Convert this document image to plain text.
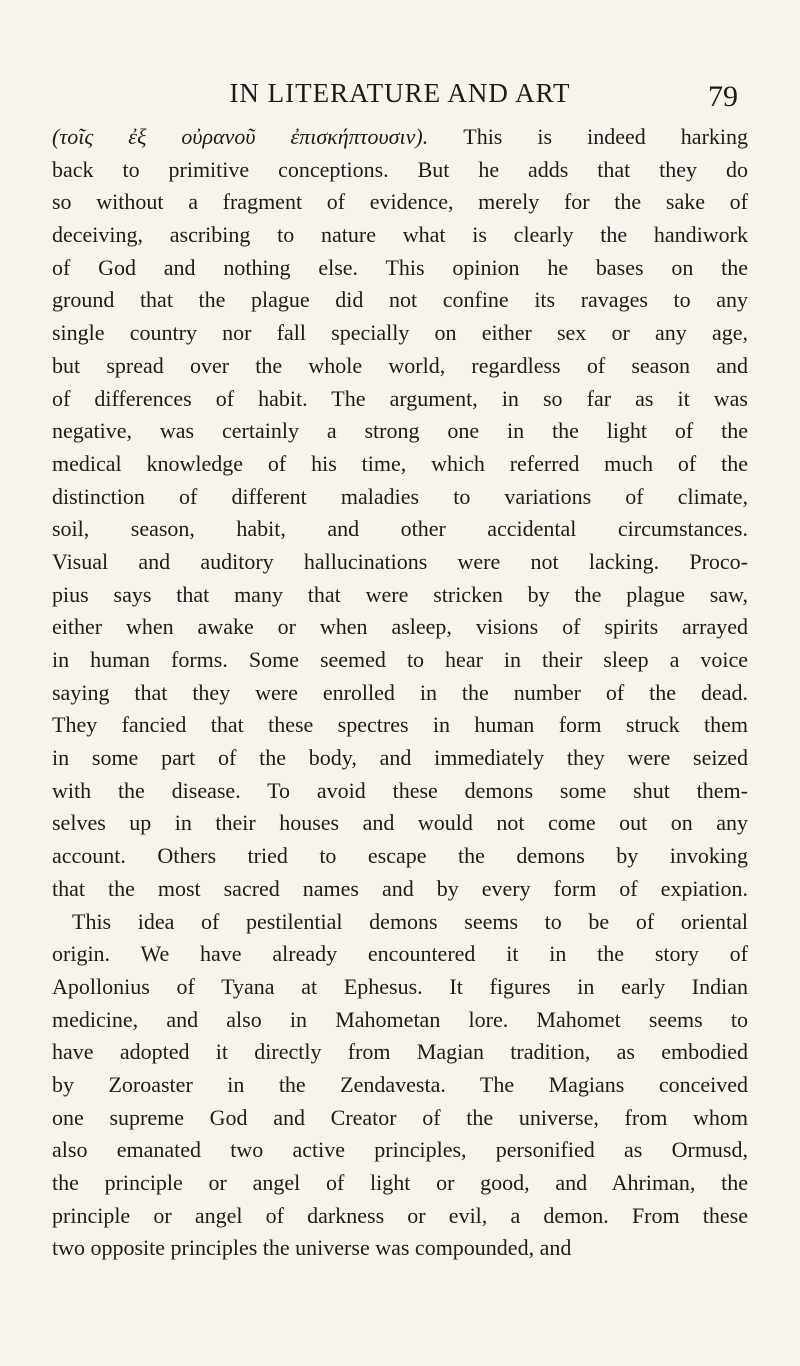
IN LITERATURE AND ART	79
(τοῖς ἐξ οὐρανοῦ ἐπισκήπτουσιν). This is indeed harking
back to primitive conceptions. But he adds that they do
so without a fragment of evidence, merely for the sake of
deceiving, ascribing to nature what is clearly the handiwork
of God and nothing else. This opinion he bases on the
ground that the plague did not confine its ravages to any
single country nor fall specially on either sex or any age,
but spread over the whole world, regardless of season and
of differences of habit. The argument, in so far as it was
negative, was certainly a strong one in the light of the
medical knowledge of his time, which referred much of the
distinction of different maladies to variations of climate,
soil, season, habit, and other accidental circumstances.
Visual and auditory hallucinations were not lacking. Proco-
pius says that many that were stricken by the plague saw,
either when awake or when asleep, visions of spirits arrayed
in human forms. Some seemed to hear in their sleep a voice
saying that they were enrolled in the number of the dead.
They fancied that these spectres in human form struck them
in some part of the body, and immediately they were seized
with the disease. To avoid these demons some shut them-
selves up in their houses and would not come out on any
account. Others tried to escape the demons by invoking
that the most sacred names and by every form of expiation.
This idea of pestilential demons seems to be of oriental
origin. We have already encountered it in the story of
Apollonius of Tyana at Ephesus. It figures in early Indian
medicine, and also in Mahometan lore. Mahomet seems to
have adopted it directly from Magian tradition, as embodied
by Zoroaster in the Zendavesta. The Magians conceived
one supreme God and Creator of the universe, from whom
also emanated two active principles, personified as Ormusd,
the principle or angel of light or good, and Ahriman, the
principle or angel of darkness or evil, a demon. From these
two opposite principles the universe was compounded, and
